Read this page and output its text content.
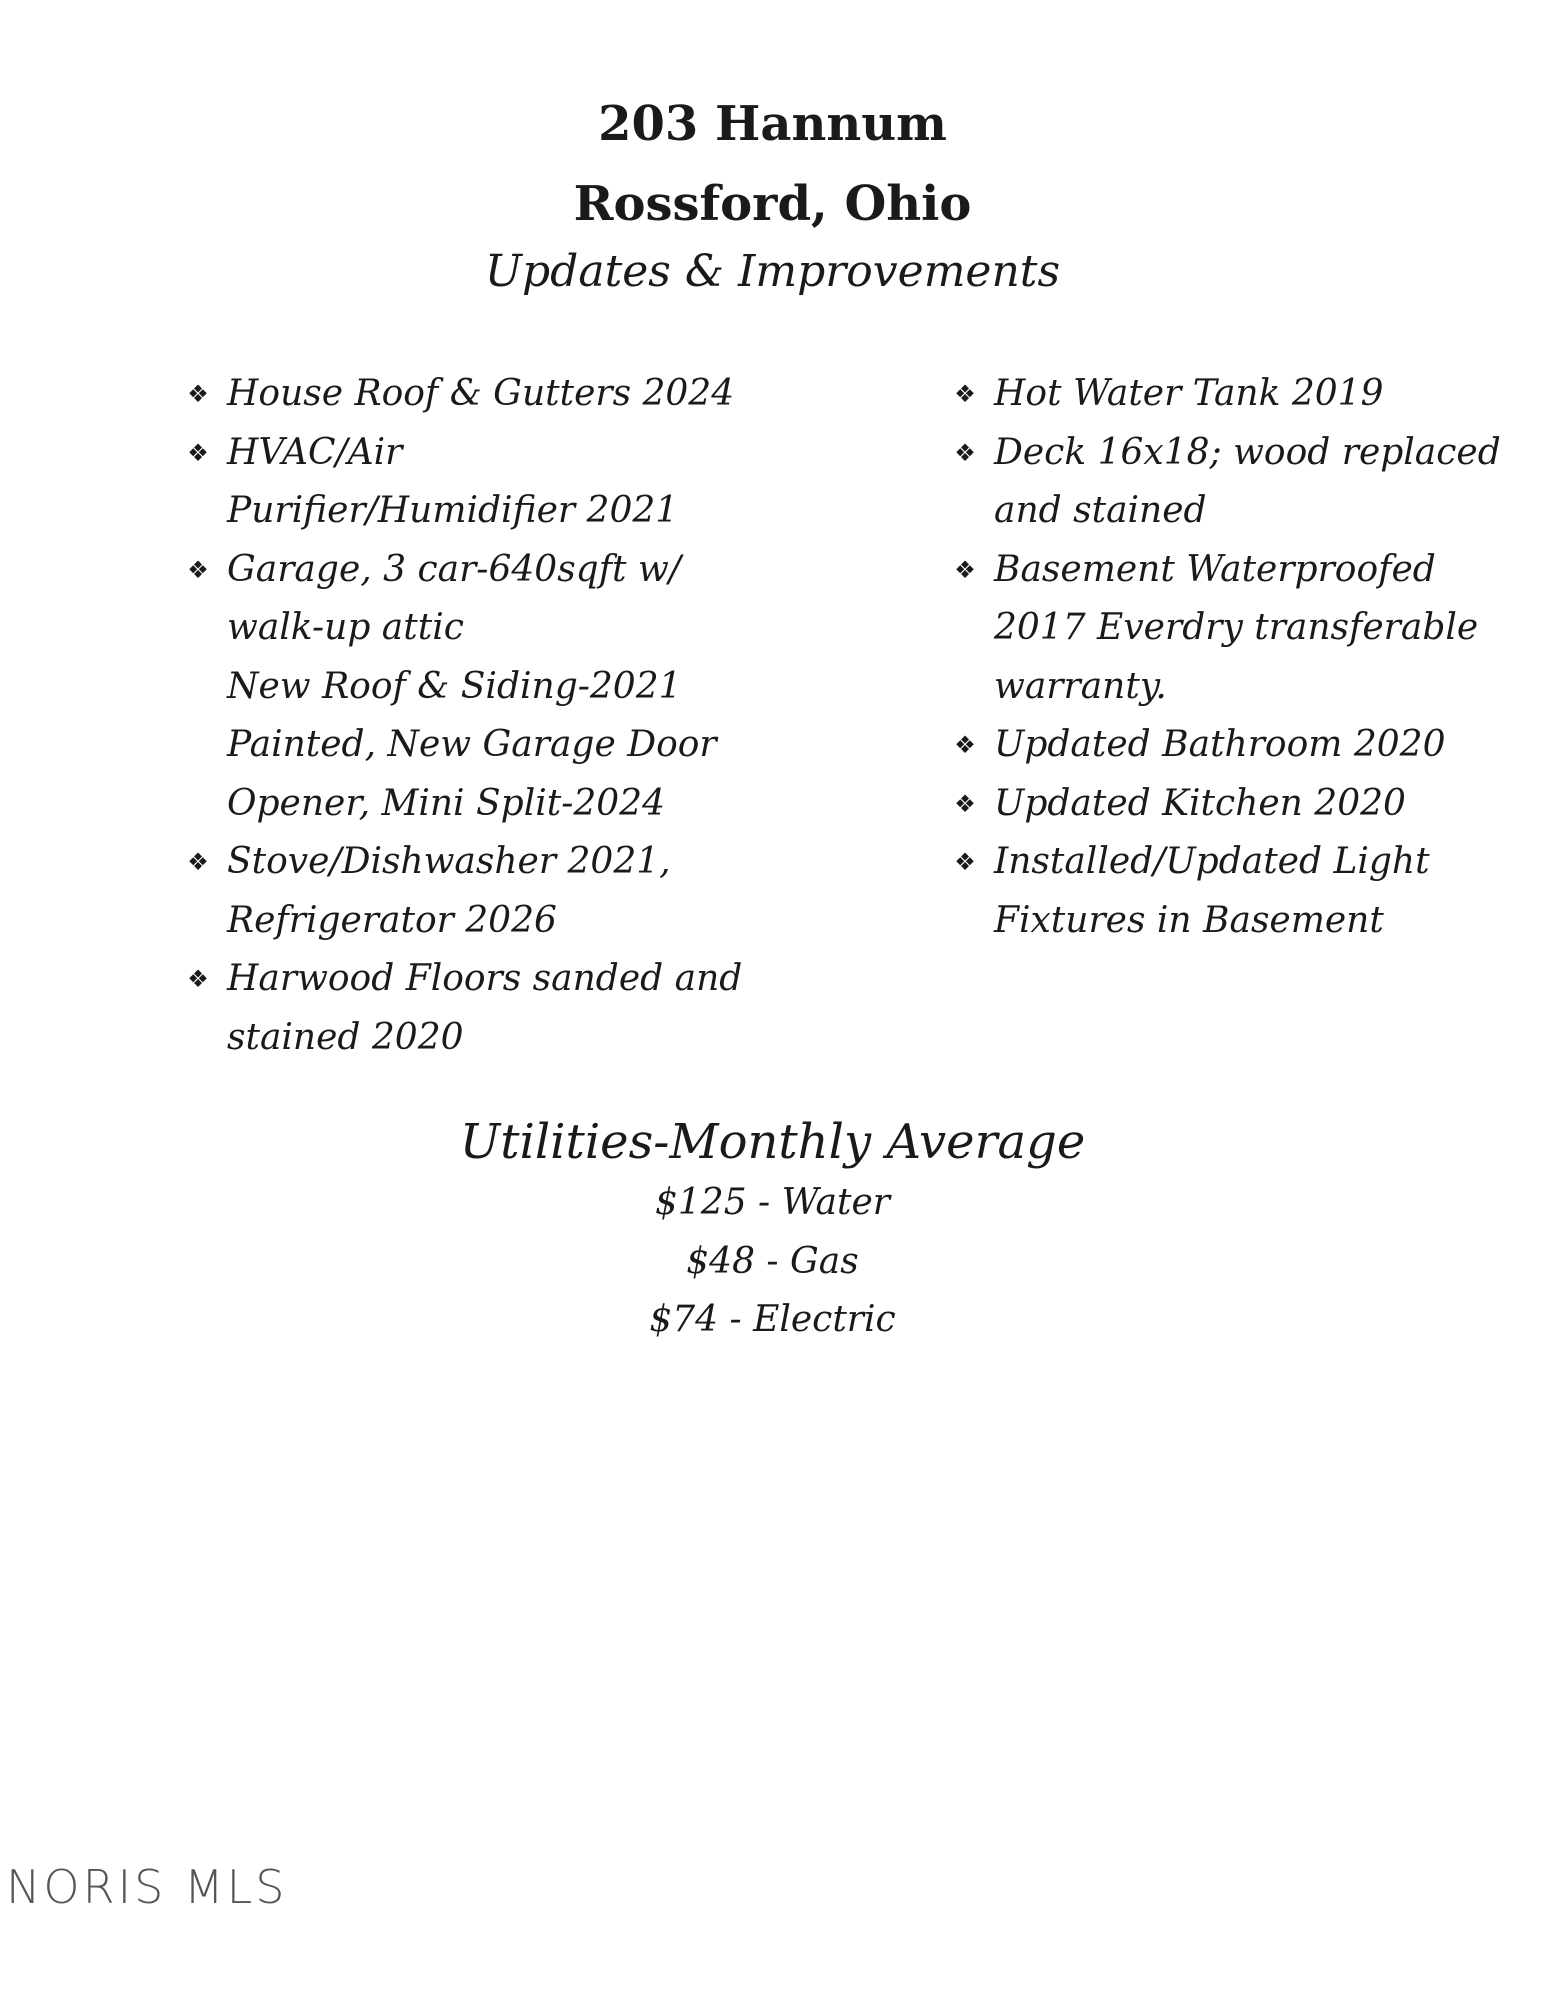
203 Hannum
Rossford, Ohio
Updates & Improvements
❖ House Roof & Gutters 2024
❖ HVAC/Air
Purifier/Humidifier 2021
❖ Garage, 3 car-640sqft w/
walk-up attic
New Roof & Siding-2021
Painted, New Garage Door
Opener, Mini Split-2024
❖ Stove/Dishwasher 2021,
Refrigerator 2026
❖ Harwood Floors sanded and
stained 2020
❖ Hot Water Tank 2019
❖ Deck 16x18; wood replaced
and stained
❖ Basement Waterproofed
2017 Everdry transferable
warranty.
❖ Updated Bathroom 2020
❖ Updated Kitchen 2020
❖ Installed/Updated Light
Fixtures in Basement
Utilities-Monthly Average
$125 - Water
$48 - Gas
$74 - Electric
NORIS MLS
